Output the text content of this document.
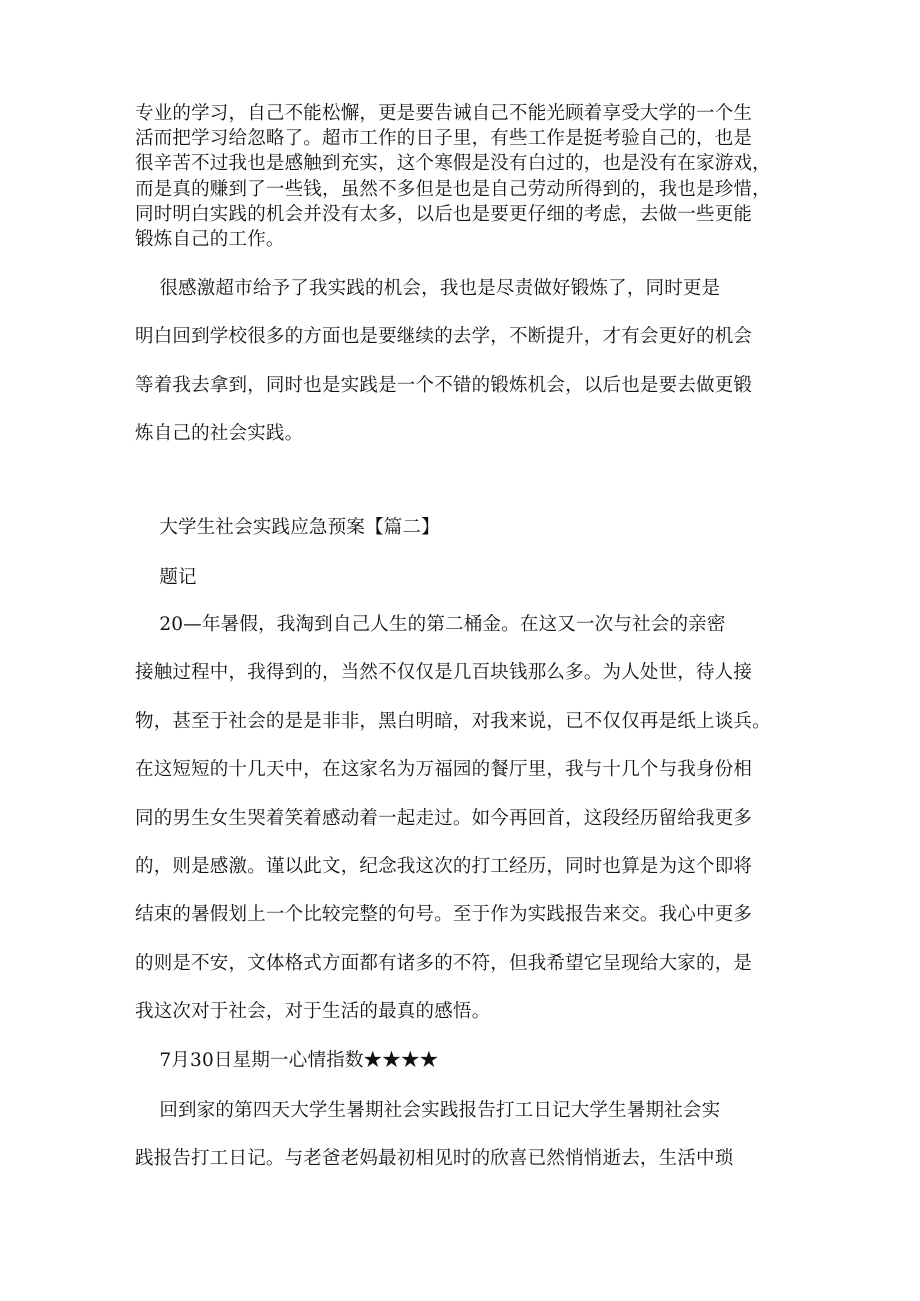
专业的学习，自己不能松懈，更是要告诫自己不能光顾着享受大学的一个生
活而把学习给忽略了。超市工作的日子里，有些工作是挺考验自己的，也是
很辛苦不过我也是感触到充实，这个寒假是没有白过的，也是没有在家游戏，
而是真的赚到了一些钱，虽然不多但是也是自己劳动所得到的，我也是珍惜，
同时明白实践的机会并没有太多，以后也是要更仔细的考虑，去做一些更能
锻炼自己的工作。

很感激超市给予了我实践的机会，我也是尽责做好锻炼了，同时更是
明白回到学校很多的方面也是要继续的去学，不断提升，才有会更好的机会
等着我去拿到，同时也是实践是一个不错的锻炼机会，以后也是要去做更锻
炼自己的社会实践。

大学生社会实践应急预案【篇二】

题记

20—年暑假，我淘到自己人生的第二桶金。在这又一次与社会的亲密
接触过程中，我得到的，当然不仅仅是几百块钱那么多。为人处世，待人接
物，甚至于社会的是是非非，黑白明暗，对我来说，已不仅仅再是纸上谈兵。
在这短短的十几天中，在这家名为万福园的餐厅里，我与十几个与我身份相
同的男生女生哭着笑着感动着一起走过。如今再回首，这段经历留给我更多
的，则是感激。谨以此文，纪念我这次的打工经历，同时也算是为这个即将
结束的暑假划上一个比较完整的句号。至于作为实践报告来交。我心中更多
的则是不安，文体格式方面都有诸多的不符，但我希望它呈现给大家的，是
我这次对于社会，对于生活的最真的感悟。

7月30日星期一心情指数★★★★

回到家的第四天大学生暑期社会实践报告打工日记大学生暑期社会实
践报告打工日记。与老爸老妈最初相见时的欣喜已然悄悄逝去，生活中琐
